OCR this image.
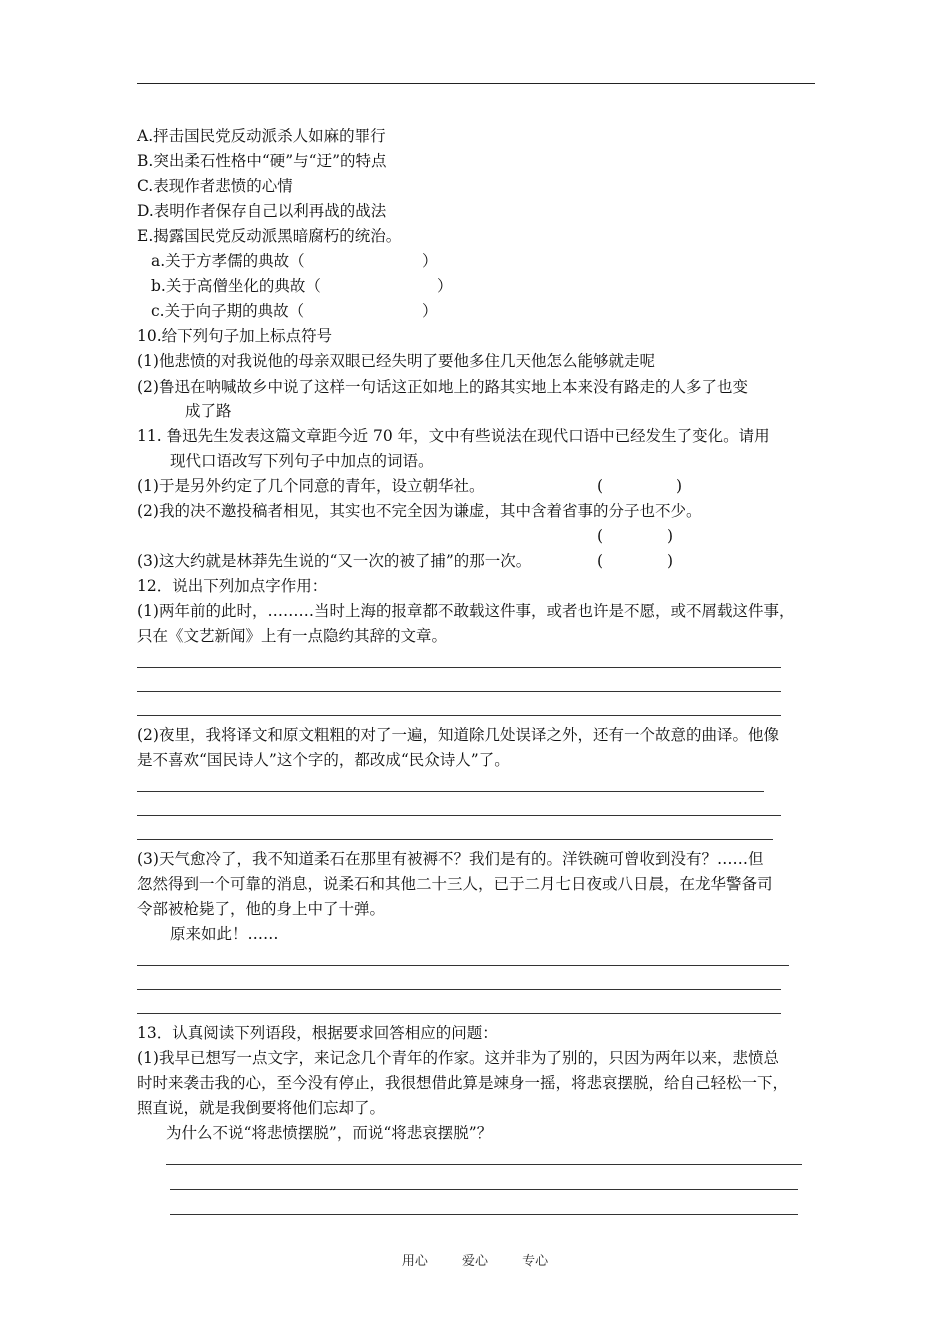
A.抨击国民党反动派杀人如麻的罪行
B.突出柔石性格中“硬”与“迂”的特点
C.表现作者悲愤的心情
D.表明作者保存自己以利再战的战法
E.揭露国民党反动派黑暗腐朽的统治。
a.关于方孝儒的典故（	）
b.关于高僧坐化的典故（	）
c.关于向子期的典故（	）
10.给下列句子加上标点符号
(1)他悲愤的对我说他的母亲双眼已经失明了要他多住几天他怎么能够就走呢
(2)鲁迅在呐喊故乡中说了这样一句话这正如地上的路其实地上本来没有路走的人多了也变
成了路
11. 鲁迅先生发表这篇文章距今近 70 年，文中有些说法在现代口语中已经发生了变化。请用
现代口语改写下列句子中加点的词语。
(1)于是另外约定了几个同意的青年，设立朝华社。	(	)
(2)我的决不邀投稿者相见，其实也不完全因为谦虚，其中含着省事的分子也不少。
(	)
(3)这大约就是林莽先生说的“又一次的被了捕”的那一次。	(	)
12．说出下列加点字作用：
(1)两年前的此时，………当时上海的报章都不敢载这件事，或者也许是不愿，或不屑载这件事，
只在《文艺新闻》上有一点隐约其辞的文章。
(2)夜里，我将译文和原文粗粗的对了一遍，知道除几处误译之外，还有一个故意的曲译。他像
是不喜欢“国民诗人”这个字的，都改成“民众诗人”了。
(3)天气愈冷了，我不知道柔石在那里有被褥不？我们是有的。洋铁碗可曾收到没有？……但
忽然得到一个可靠的消息，说柔石和其他二十三人，已于二月七日夜或八日晨，在龙华警备司
令部被枪毙了，他的身上中了十弹。
原来如此！……
13．认真阅读下列语段，根据要求回答相应的问题：
(1)我早已想写一点文字，来记念几个青年的作家。这并非为了别的，只因为两年以来，悲愤总
时时来袭击我的心，至今没有停止，我很想借此算是竦身一摇，将悲哀摆脱，给自己轻松一下，
照直说，就是我倒要将他们忘却了。
为什么不说“将悲愤摆脱”，而说“将悲哀摆脱”？
用心	爱心	专心
